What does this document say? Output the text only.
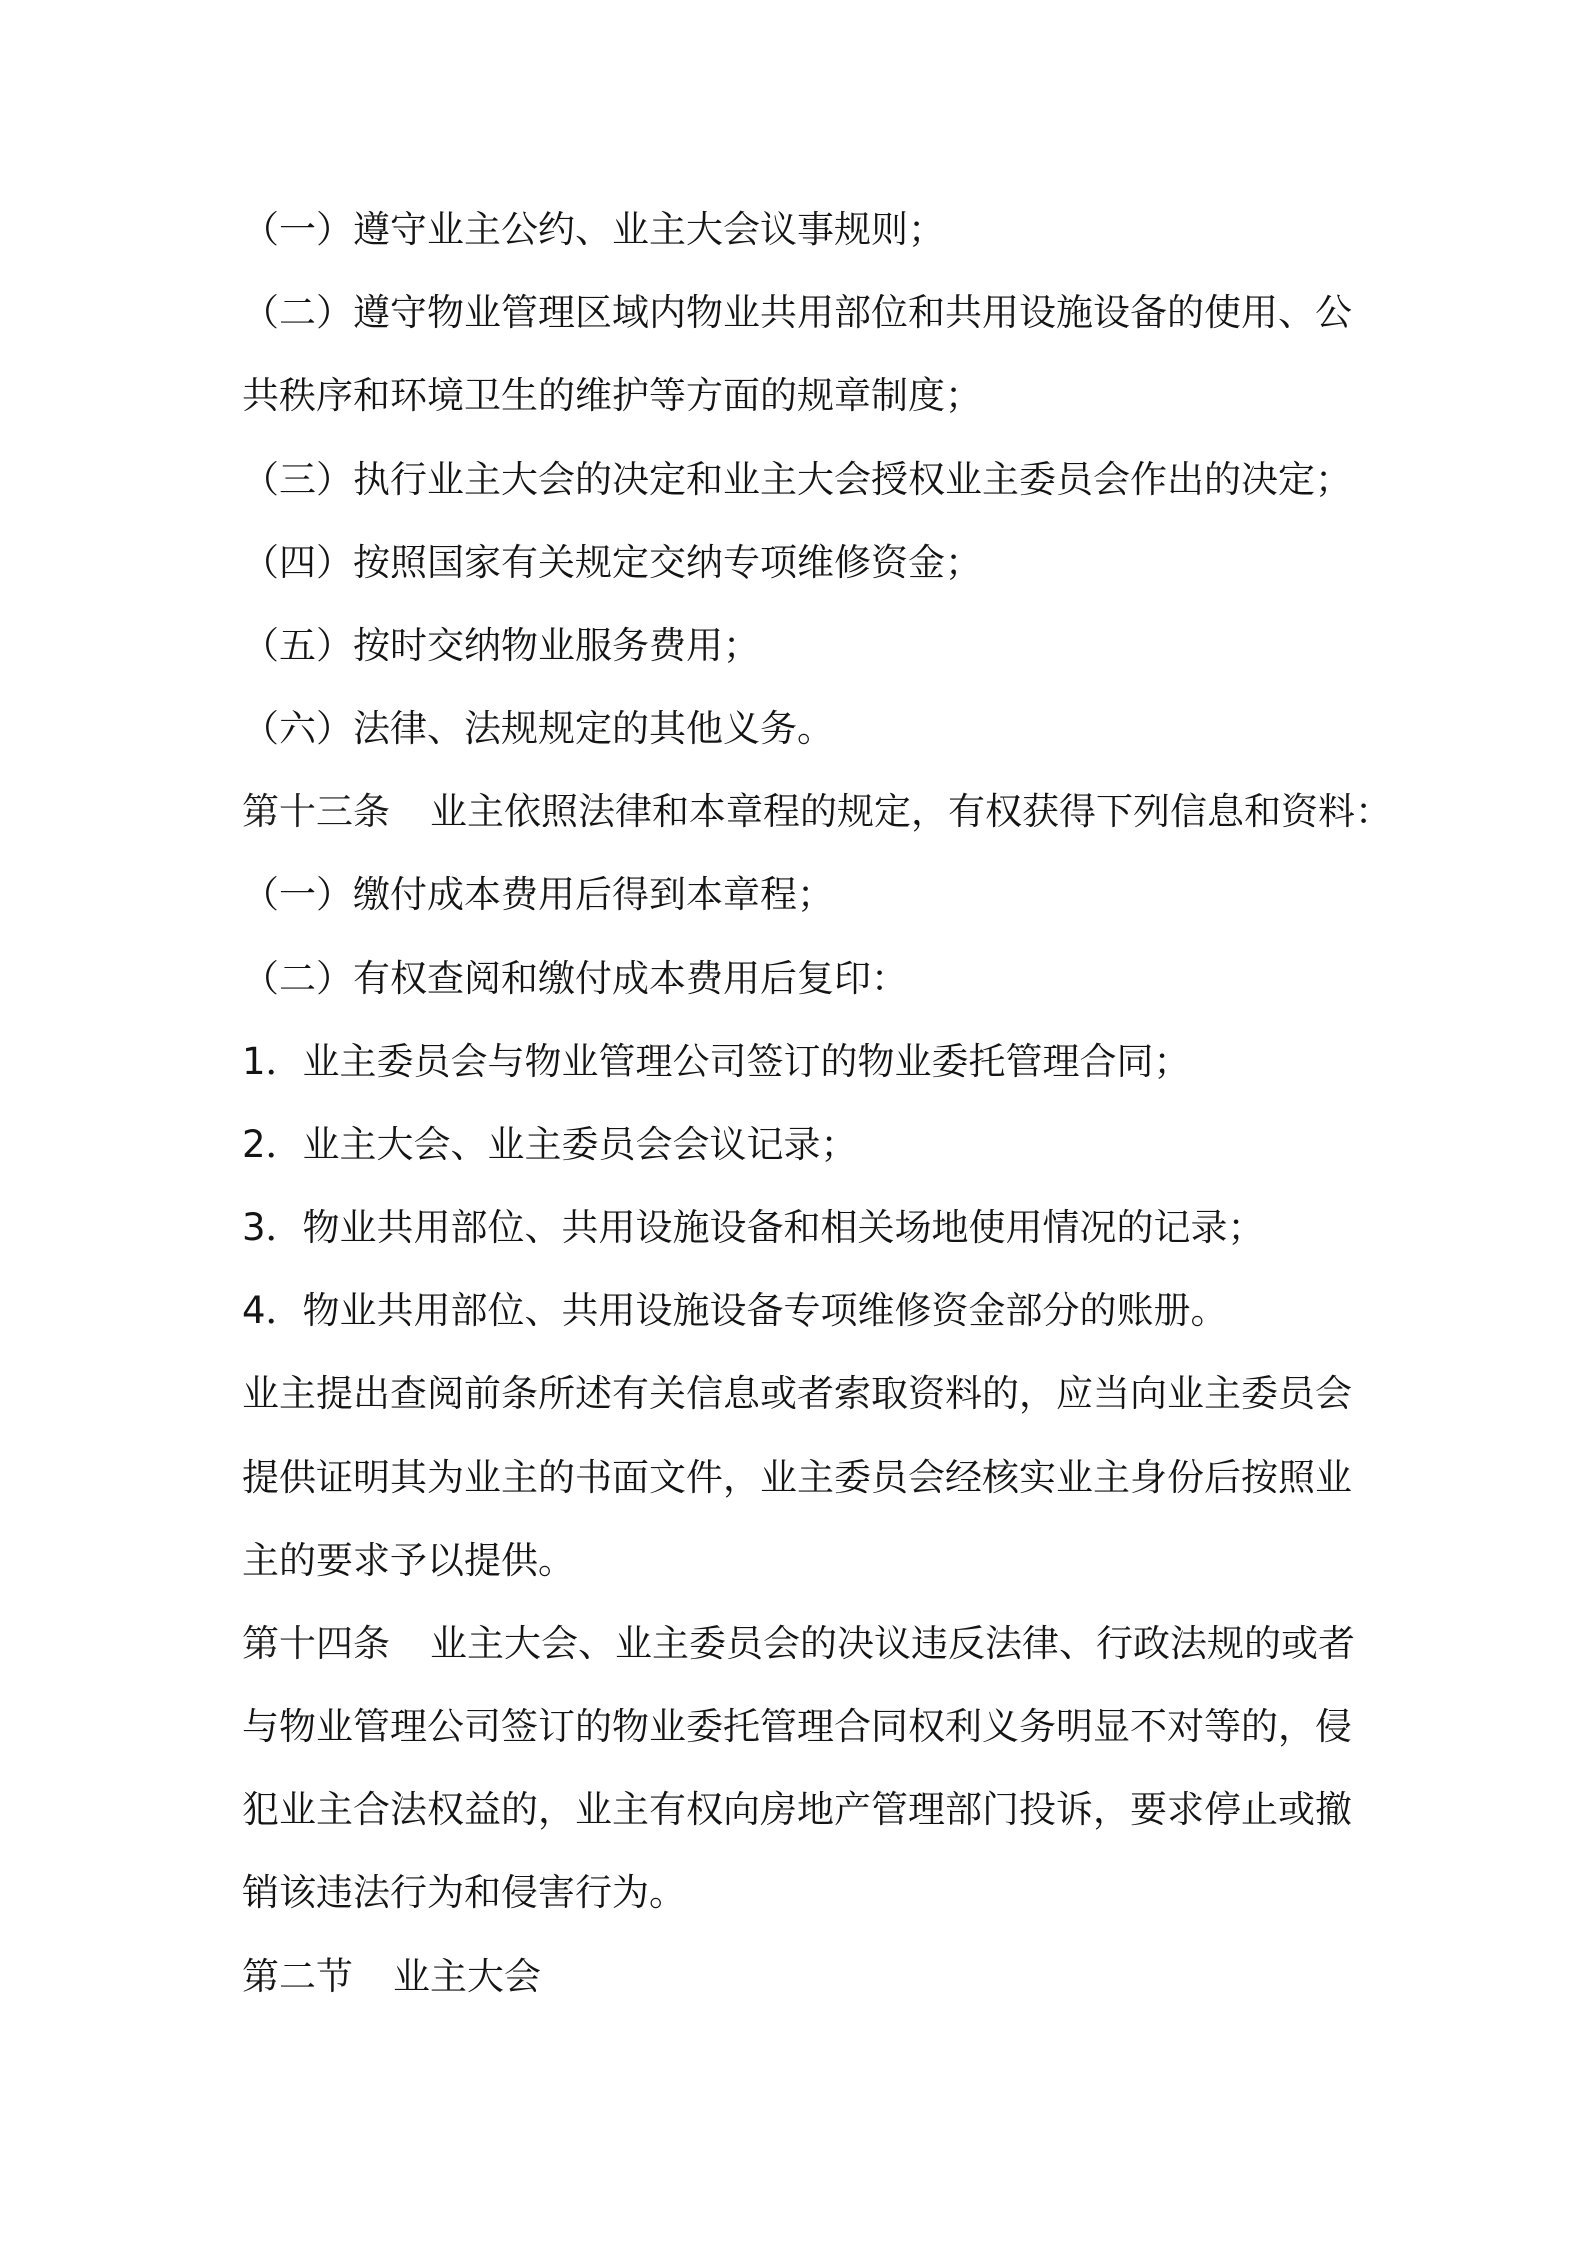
（一）遵守业主公约、业主大会议事规则；
（二）遵守物业管理区域内物业共用部位和共用设施设备的使用、公
共秩序和环境卫生的维护等方面的规章制度；
（三）执行业主大会的决定和业主大会授权业主委员会作出的决定；
（四）按照国家有关规定交纳专项维修资金；
（五）按时交纳物业服务费用；
（六）法律、法规规定的其他义务。
第十三条 业主依照法律和本章程的规定，有权获得下列信息和资料：
（一）缴付成本费用后得到本章程；
（二）有权查阅和缴付成本费用后复印：
1．业主委员会与物业管理公司签订的物业委托管理合同；
2．业主大会、业主委员会会议记录；
3．物业共用部位、共用设施设备和相关场地使用情况的记录；
4．物业共用部位、共用设施设备专项维修资金部分的账册。
业主提出查阅前条所述有关信息或者索取资料的，应当向业主委员会
提供证明其为业主的书面文件，业主委员会经核实业主身份后按照业
主的要求予以提供。
第十四条 业主大会、业主委员会的决议违反法律、行政法规的或者
与物业管理公司签订的物业委托管理合同权利义务明显不对等的，侵
犯业主合法权益的，业主有权向房地产管理部门投诉，要求停止或撤
销该违法行为和侵害行为。
第二节 业主大会
